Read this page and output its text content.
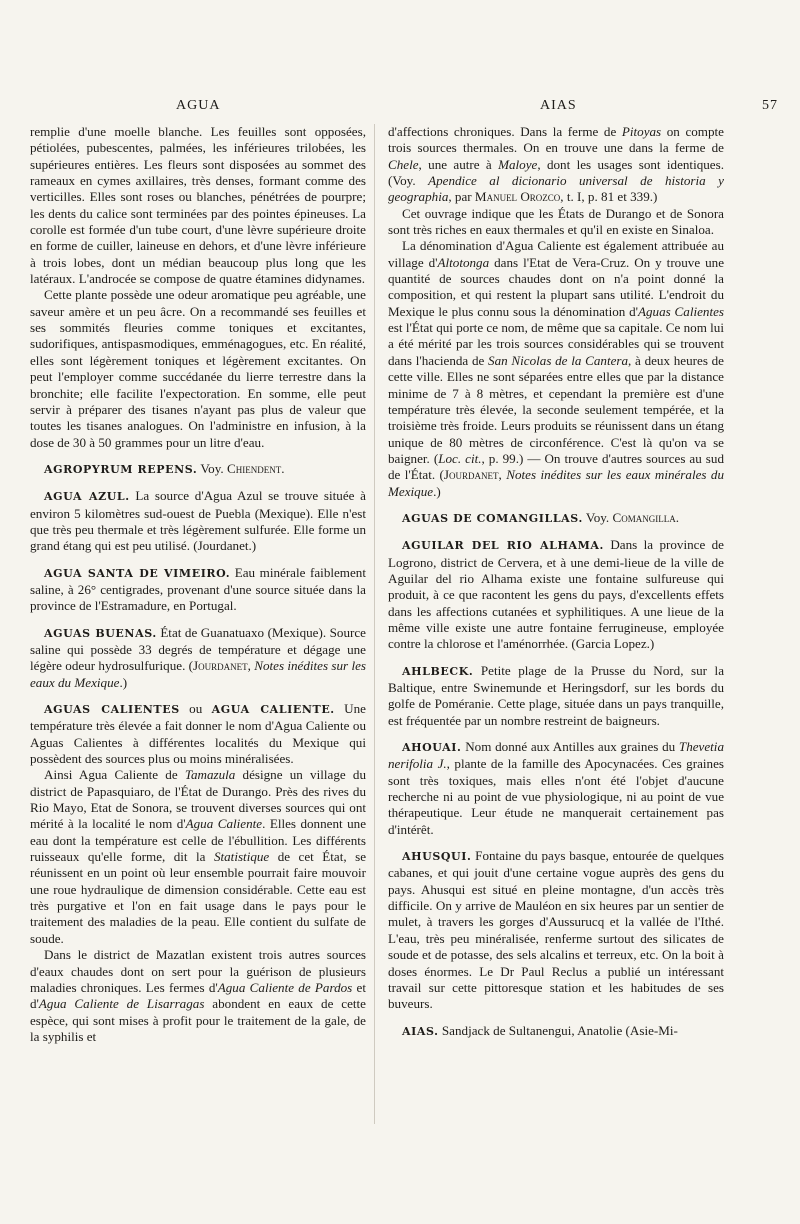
AGUA	AIAS	57

remplie d'une moelle blanche. Les feuilles sont opposées, pétiolées, pubescentes, palmées, les inférieures trilobées, les supérieures entières. Les fleurs sont disposées au sommet des rameaux en cymes axillaires, très denses, formant comme des verticilles. Elles sont roses ou blanches, pénétrées de pourpre; les dents du calice sont terminées par des pointes épineuses. La corolle est formée d'un tube court, d'une lèvre supérieure droite en forme de cuiller, laineuse en dehors, et d'une lèvre inférieure à trois lobes, dont un médian beaucoup plus long que les latéraux. L'androcée se compose de quatre étamines didynames.

Cette plante possède une odeur aromatique peu agréable, une saveur amère et un peu âcre. On a recommandé ses feuilles et ses sommités fleuries comme toniques et excitantes, sudorifiques, antispasmodiques, emménagogues, etc. En réalité, elles sont légèrement toniques et légèrement excitantes. On peut l'employer comme succédanée du lierre terrestre dans la bronchite; elle facilite l'expectoration. En somme, elle peut servir à préparer des tisanes n'ayant pas plus de valeur que toutes les tisanes analogues. On l'administre en infusion, à la dose de 30 à 50 grammes pour un litre d'eau.

AGROPYRUM REPENS. Voy. Chiendent.

AGUA AZUL. La source d'Agua Azul se trouve située à environ 5 kilomètres sud-ouest de Puebla (Mexique). Elle n'est que très peu thermale et très légèrement sulfurée. Elle forme un grand étang qui est peu utilisé. (Jourdanet.)

AGUA SANTA DE VIMEIRO. Eau minérale faiblement saline, à 26° centigrades, provenant d'une source située dans la province de l'Estramadure, en Portugal.

AGUAS BUENAS. État de Guanatuaxo (Mexique). Source saline qui possède 33 degrés de température et dégage une légère odeur hydrosulfurique. (Jourdanet, Notes inédites sur les eaux du Mexique.)

AGUAS CALIENTES ou AGUA CALIENTE. Une température très élevée a fait donner le nom d'Agua Caliente ou Aguas Calientes à différentes localités du Mexique qui possèdent des sources plus ou moins minéralisées.

Ainsi Agua Caliente de Tamazula désigne un village du district de Papasquiaro, de l'État de Durango. Près des rives du Rio Mayo, Etat de Sonora, se trouvent diverses sources qui ont mérité à la localité le nom d'Agua Caliente. Elles donnent une eau dont la température est celle de l'ébullition. Les différents ruisseaux qu'elle forme, dit la Statistique de cet État, se réunissent en un point où leur ensemble pourrait faire mouvoir une roue hydraulique de dimension considérable. Cette eau est très purgative et l'on en fait usage dans le pays pour le traitement des maladies de la peau. Elle contient du sulfate de soude.

Dans le district de Mazatlan existent trois autres sources d'eaux chaudes dont on sert pour la guérison de plusieurs maladies chroniques. Les fermes d'Agua Caliente de Pardos et d'Agua Caliente de Lisarragas abondent en eaux de cette espèce, qui sont mises à profit pour le traitement de la gale, de la syphilis et

d'affections chroniques. Dans la ferme de Pitoyas on compte trois sources thermales. On en trouve une dans la ferme de Chele, une autre à Maloye, dont les usages sont identiques. (Voy. Apendice al dicionario universal de historia y geographia, par Manuel Orozco, t. I, p. 81 et 339.)

Cet ouvrage indique que les États de Durango et de Sonora sont très riches en eaux thermales et qu'il en existe en Sinaloa.

La dénomination d'Agua Caliente est également attribuée au village d'Altotonga dans l'Etat de Vera-Cruz. On y trouve une quantité de sources chaudes dont on n'a point donné la composition, et qui restent la plupart sans utilité. L'endroit du Mexique le plus connu sous la dénomination d'Aguas Calientes est l'État qui porte ce nom, de même que sa capitale. Ce nom lui a été mérité par les trois sources considérables qui se trouvent dans l'hacienda de San Nicolas de la Cantera, à deux heures de cette ville. Elles ne sont séparées entre elles que par la distance minime de 7 à 8 mètres, et cependant la première est d'une température très élevée, la seconde seulement tempérée, et la troisième très froide. Leurs produits se réunissent dans un étang unique de 80 mètres de circonférence. C'est là qu'on va se baigner. (Loc. cit., p. 99.) — On trouve d'autres sources au sud de l'État. (Jourdanet, Notes inédites sur les eaux minérales du Mexique.)

AGUAS DE COMANGILLAS. Voy. Comangilla.

AGUILAR DEL RIO ALHAMA. Dans la province de Logrono, district de Cervera, et à une demi-lieue de la ville de Aguilar del rio Alhama existe une fontaine sulfureuse qui produit, à ce que racontent les gens du pays, d'excellents effets dans les affections cutanées et syphilitiques. A une lieue de la même ville existe une autre fontaine ferrugineuse, employée contre la chlorose et l'aménorrhée. (Garcia Lopez.)

AHLBECK. Petite plage de la Prusse du Nord, sur la Baltique, entre Swinemunde et Heringsdorf, sur les bords du golfe de Poméranie. Cette plage, située dans un pays tranquille, est fréquentée par un nombre restreint de baigneurs.

AHOUAI. Nom donné aux Antilles aux graines du Thevetia nerifolia J., plante de la famille des Apocynacées. Ces graines sont très toxiques, mais elles n'ont été l'objet d'aucune recherche ni au point de vue physiologique, ni au point de vue thérapeutique. Leur étude ne manquerait certainement pas d'intérêt.

AHUSQUI. Fontaine du pays basque, entourée de quelques cabanes, et qui jouit d'une certaine vogue auprès des gens du pays. Ahusqui est situé en pleine montagne, d'un accès très difficile. On y arrive de Mauléon en six heures par un sentier de mulet, à travers les gorges d'Aussurucq et la vallée de l'Ithé. L'eau, très peu minéralisée, renferme surtout des silicates de soude et de potasse, des sels alcalins et terreux, etc. On la boit à doses énormes. Le Dr Paul Reclus a publié un intéressant travail sur cette pittoresque station et les habitudes de ses buveurs.

AIAS. Sandjack de Sultanengui, Anatolie (Asie-Mi-
